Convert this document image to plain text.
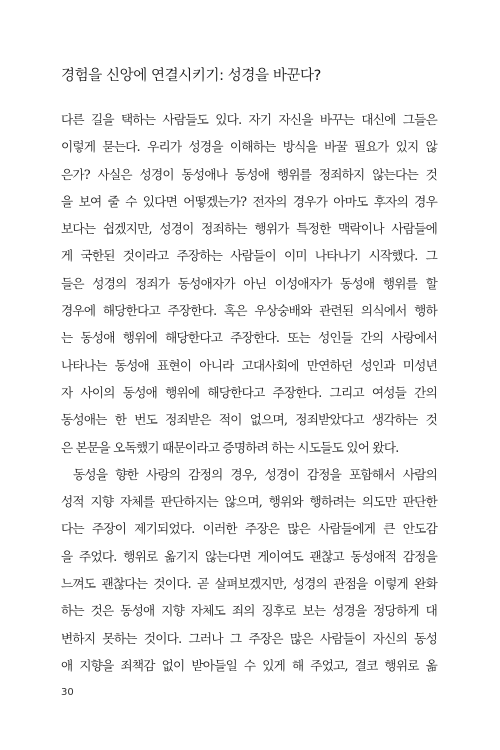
경험을 신앙에 연결시키기: 성경을 바꾼다?
다른 길을 택하는 사람들도 있다. 자기 자신을 바꾸는 대신에 그들은
이렇게 묻는다. 우리가 성경을 이해하는 방식을 바꿀 필요가 있지 않
은가? 사실은 성경이 동성애나 동성애 행위를 정죄하지 않는다는 것
을 보여 줄 수 있다면 어떻겠는가? 전자의 경우가 아마도 후자의 경우
보다는 쉽겠지만, 성경이 정죄하는 행위가 특정한 맥락이나 사람들에
게 국한된 것이라고 주장하는 사람들이 이미 나타나기 시작했다. 그
들은 성경의 정죄가 동성애자가 아닌 이성애자가 동성애 행위를 할
경우에 해당한다고 주장한다. 혹은 우상숭배와 관련된 의식에서 행하
는 동성애 행위에 해당한다고 주장한다. 또는 성인들 간의 사랑에서
나타나는 동성애 표현이 아니라 고대사회에 만연하던 성인과 미성년
자 사이의 동성애 행위에 해당한다고 주장한다. 그리고 여성들 간의
동성애는 한 번도 정죄받은 적이 없으며, 정죄받았다고 생각하는 것
은 본문을 오독했기 때문이라고 증명하려 하는 시도들도 있어 왔다.
동성을 향한 사랑의 감정의 경우, 성경이 감정을 포함해서 사람의
성적 지향 자체를 판단하지는 않으며, 행위와 행하려는 의도만 판단한
다는 주장이 제기되었다. 이러한 주장은 많은 사람들에게 큰 안도감
을 주었다. 행위로 옮기지 않는다면 게이여도 괜찮고 동성애적 감정을
느껴도 괜찮다는 것이다. 곧 살펴보겠지만, 성경의 관점을 이렇게 완화
하는 것은 동성애 지향 자체도 죄의 징후로 보는 성경을 정당하게 대
변하지 못하는 것이다. 그러나 그 주장은 많은 사람들이 자신의 동성
애 지향을 죄책감 없이 받아들일 수 있게 해 주었고, 결코 행위로 옮
30
